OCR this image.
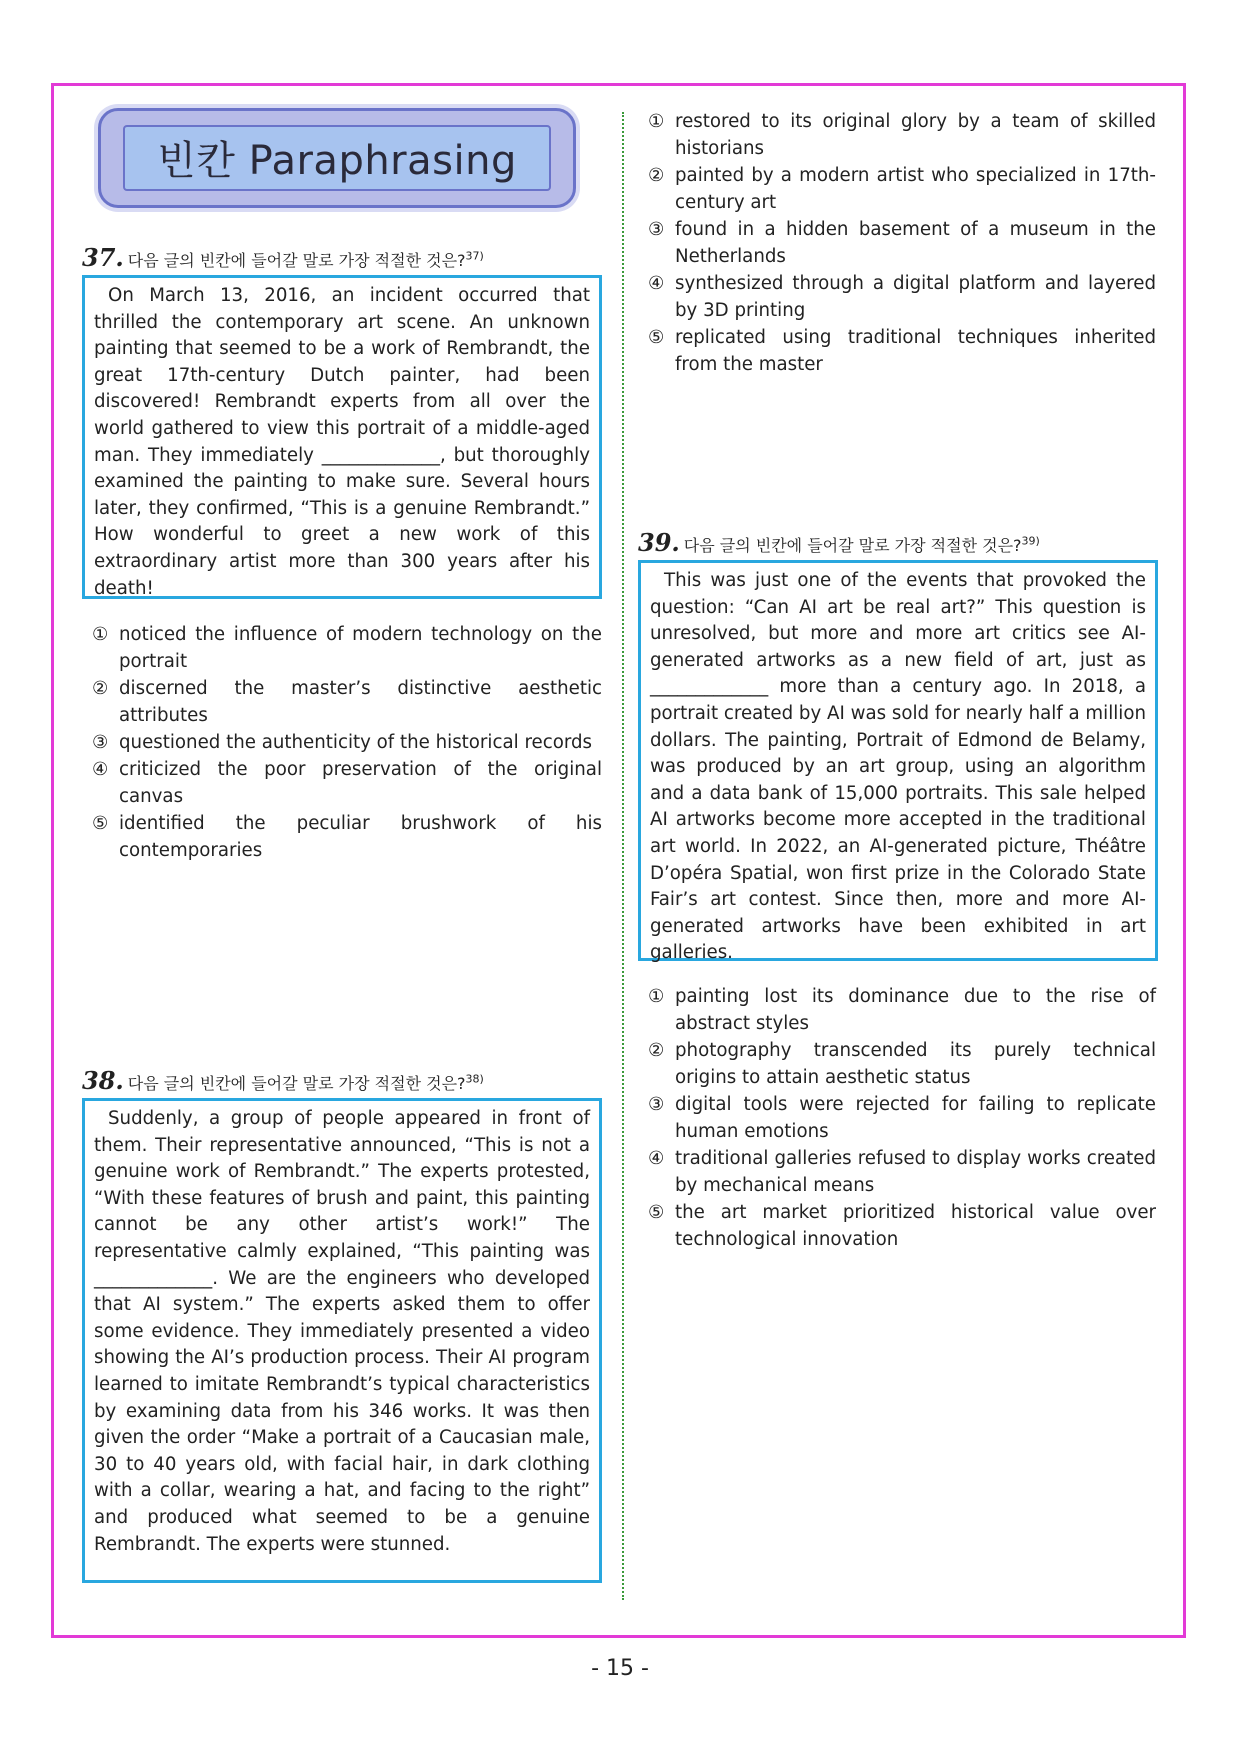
빈칸 Paraphrasing
37. 다음 글의 빈칸에 들어갈 말로 가장 적절한 것은?$^{37)}$
On March 13, 2016, an incident occurred that thrilled the contemporary art scene. An unknown painting that seemed to be a work of Rembrandt, the great 17th-century Dutch painter, had been discovered! Rembrandt experts from all over the world gathered to view this portrait of a middle-aged man. They immediately _____________, but thoroughly examined the painting to make sure. Several hours later, they confirmed, “This is a genuine Rembrandt.” How wonderful to greet a new work of this extraordinary artist more than 300 years after his death!
① noticed the influence of modern technology on the portrait
② discerned the master’s distinctive aesthetic attributes
③ questioned the authenticity of the historical records
④ criticized the poor preservation of the original canvas
⑤ identified the peculiar brushwork of his contemporaries
38. 다음 글의 빈칸에 들어갈 말로 가장 적절한 것은?$^{38)}$
Suddenly, a group of people appeared in front of them. Their representative announced, “This is not a genuine work of Rembrandt.” The experts protested, “With these features of brush and paint, this painting cannot be any other artist’s work!” The representative calmly explained, “This painting was _____________. We are the engineers who developed that AI system.” The experts asked them to offer some evidence. They immediately presented a video showing the AI’s production process. Their AI program learned to imitate Rembrandt’s typical characteristics by examining data from his 346 works. It was then given the order “Make a portrait of a Caucasian male, 30 to 40 years old, with facial hair, in dark clothing with a collar, wearing a hat, and facing to the right” and produced what seemed to be a genuine Rembrandt. The experts were stunned.
① restored to its original glory by a team of skilled historians
② painted by a modern artist who specialized in 17th-century art
③ found in a hidden basement of a museum in the Netherlands
④ synthesized through a digital platform and layered by 3D printing
⑤ replicated using traditional techniques inherited from the master
39. 다음 글의 빈칸에 들어갈 말로 가장 적절한 것은?$^{39)}$
This was just one of the events that provoked the question: “Can AI art be real art?” This question is unresolved, but more and more art critics see AI-generated artworks as a new field of art, just as _____________ more than a century ago. In 2018, a portrait created by AI was sold for nearly half a million dollars. The painting, Portrait of Edmond de Belamy, was produced by an art group, using an algorithm and a data bank of 15,000 portraits. This sale helped AI artworks become more accepted in the traditional art world. In 2022, an AI-generated picture, Théâtre D’opéra Spatial, won first prize in the Colorado State Fair’s art contest. Since then, more and more AI-generated artworks have been exhibited in art galleries.
① painting lost its dominance due to the rise of abstract styles
② photography transcended its purely technical origins to attain aesthetic status
③ digital tools were rejected for failing to replicate human emotions
④ traditional galleries refused to display works created by mechanical means
⑤ the art market prioritized historical value over technological innovation
- 15 -
